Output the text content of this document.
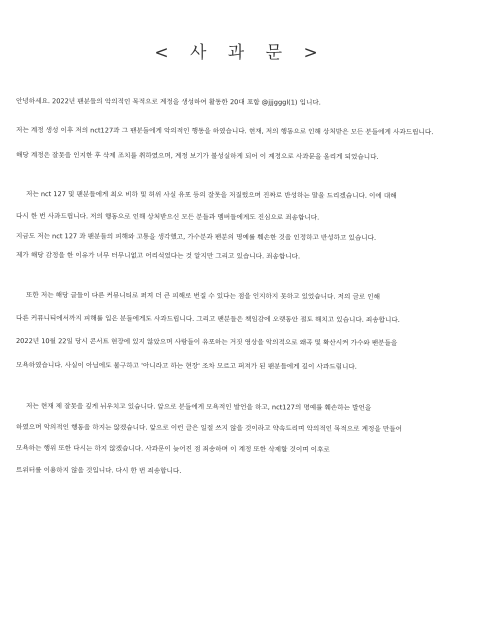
< 사 과 문 >
안녕하세요. 2022년 팬분들의 악의적인 목적으로 계정을 생성하여 활동한 20대 포함 @jjjgggl(1) 입니다.
저는 계정 생성 이후 저의 nct127과 그 팬분들에게 악의적인 행동을 하였습니다. 현재, 저의 행동으로 인해 상처받은 모든 분들에게 사과드립니다.
해당 계정은 잘못을 인지한 후 삭제 조치를 취하였으며, 계정 보기가 불성실하게 되어 이 계정으로 사과문을 올리게 되었습니다.
저는 nct 127 및 팬분들에게 최오 비하 및 허위 사실 유포 등의 잘못을 저질렀으며 진짜로 반성하는 말을 드리겠습니다. 이에 대해
다시 한 번 사과드립니다. 저의 행동으로 인해 상처받으신 모든 분들과 멤버들에게도 진심으로 죄송합니다.
지금도 저는 nct 127 과 팬분들의 피해와 고통을 생각했고, 가수분과 팬분의 명예를 훼손한 것을 인정하고 반성하고 있습니다.
제가 해당 감정을 한 이유가 너무 터무니없고 어리석었다는 것 알지만 그리고 있습니다. 죄송합니다.
또한 저는 해당 글들이 다른 커뮤니티로 퍼져 더 큰 피해로 번질 수 있다는 점을 인지하지 못하고 있었습니다. 저의 글로 인해
다른 커뮤니티에서까지 피해를 입은 분들에게도 사과드립니다. 그리고 팬분들은 책임감에 오랫동안 절도 해치고 있습니다. 죄송합니다.
2022년 10월 22일 당시 콘서트 현장에 있지 않았으며 사람들이 유포하는 거짓 영상을 악의적으로 왜곡 및 확산시켜 가수와 팬분들을
모욕하였습니다. 사실이 아님에도 불구하고 '아니라고 하는 현장' 조차 모르고 퍼져가 된 팬분들에게 깊이 사과드립니다.
저는 현재 제 잘못을 깊게 뉘우치고 있습니다. 앞으로 분들에게 모욕적인 발언을 하고, nct127의 명예를 훼손하는 발언을
하였으며 악의적인 행동을 하지는 않겠습니다. 앞으로 이런 글은 일절 쓰지 않을 것이라고 약속드리며 악의적인 목적으로 계정을 만들어
모욕하는 행위 또한 다시는 하지 않겠습니다. 사과문이 늦어진 점 죄송하며 이 계정 또한 삭제할 것이며 이후로
트위터를 이용하지 않을 것입니다. 다시 한 번 죄송합니다.
